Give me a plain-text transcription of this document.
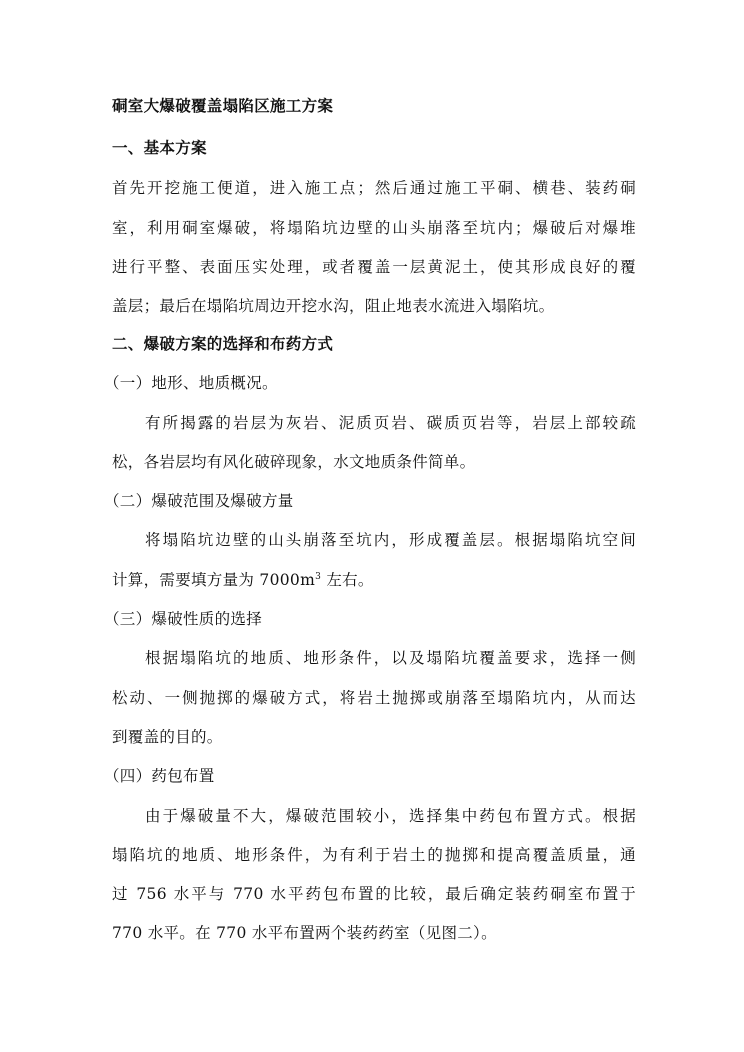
硐室大爆破覆盖塌陷区施工方案
一、基本方案
首先开挖施工便道，进入施工点；然后通过施工平硐、横巷、装药硐
室，利用硐室爆破，将塌陷坑边壁的山头崩落至坑内；爆破后对爆堆
进行平整、表面压实处理，或者覆盖一层黄泥土，使其形成良好的覆
盖层；最后在塌陷坑周边开挖水沟，阻止地表水流进入塌陷坑。
二、爆破方案的选择和布药方式
（一）地形、地质概况。
有所揭露的岩层为灰岩、泥质页岩、碳质页岩等，岩层上部较疏
松，各岩层均有风化破碎现象，水文地质条件简单。
（二）爆破范围及爆破方量
将塌陷坑边壁的山头崩落至坑内，形成覆盖层。根据塌陷坑空间
计算，需要填方量为 $7000m^3$ 左右。
（三）爆破性质的选择
根据塌陷坑的地质、地形条件，以及塌陷坑覆盖要求，选择一侧
松动、一侧抛掷的爆破方式，将岩土抛掷或崩落至塌陷坑内，从而达
到覆盖的目的。
（四）药包布置
由于爆破量不大，爆破范围较小，选择集中药包布置方式。根据
塌陷坑的地质、地形条件，为有利于岩土的抛掷和提高覆盖质量，通
过 756 水平与 770 水平药包布置的比较，最后确定装药硐室布置于
770 水平。在 770 水平布置两个装药药室（见图二）。
